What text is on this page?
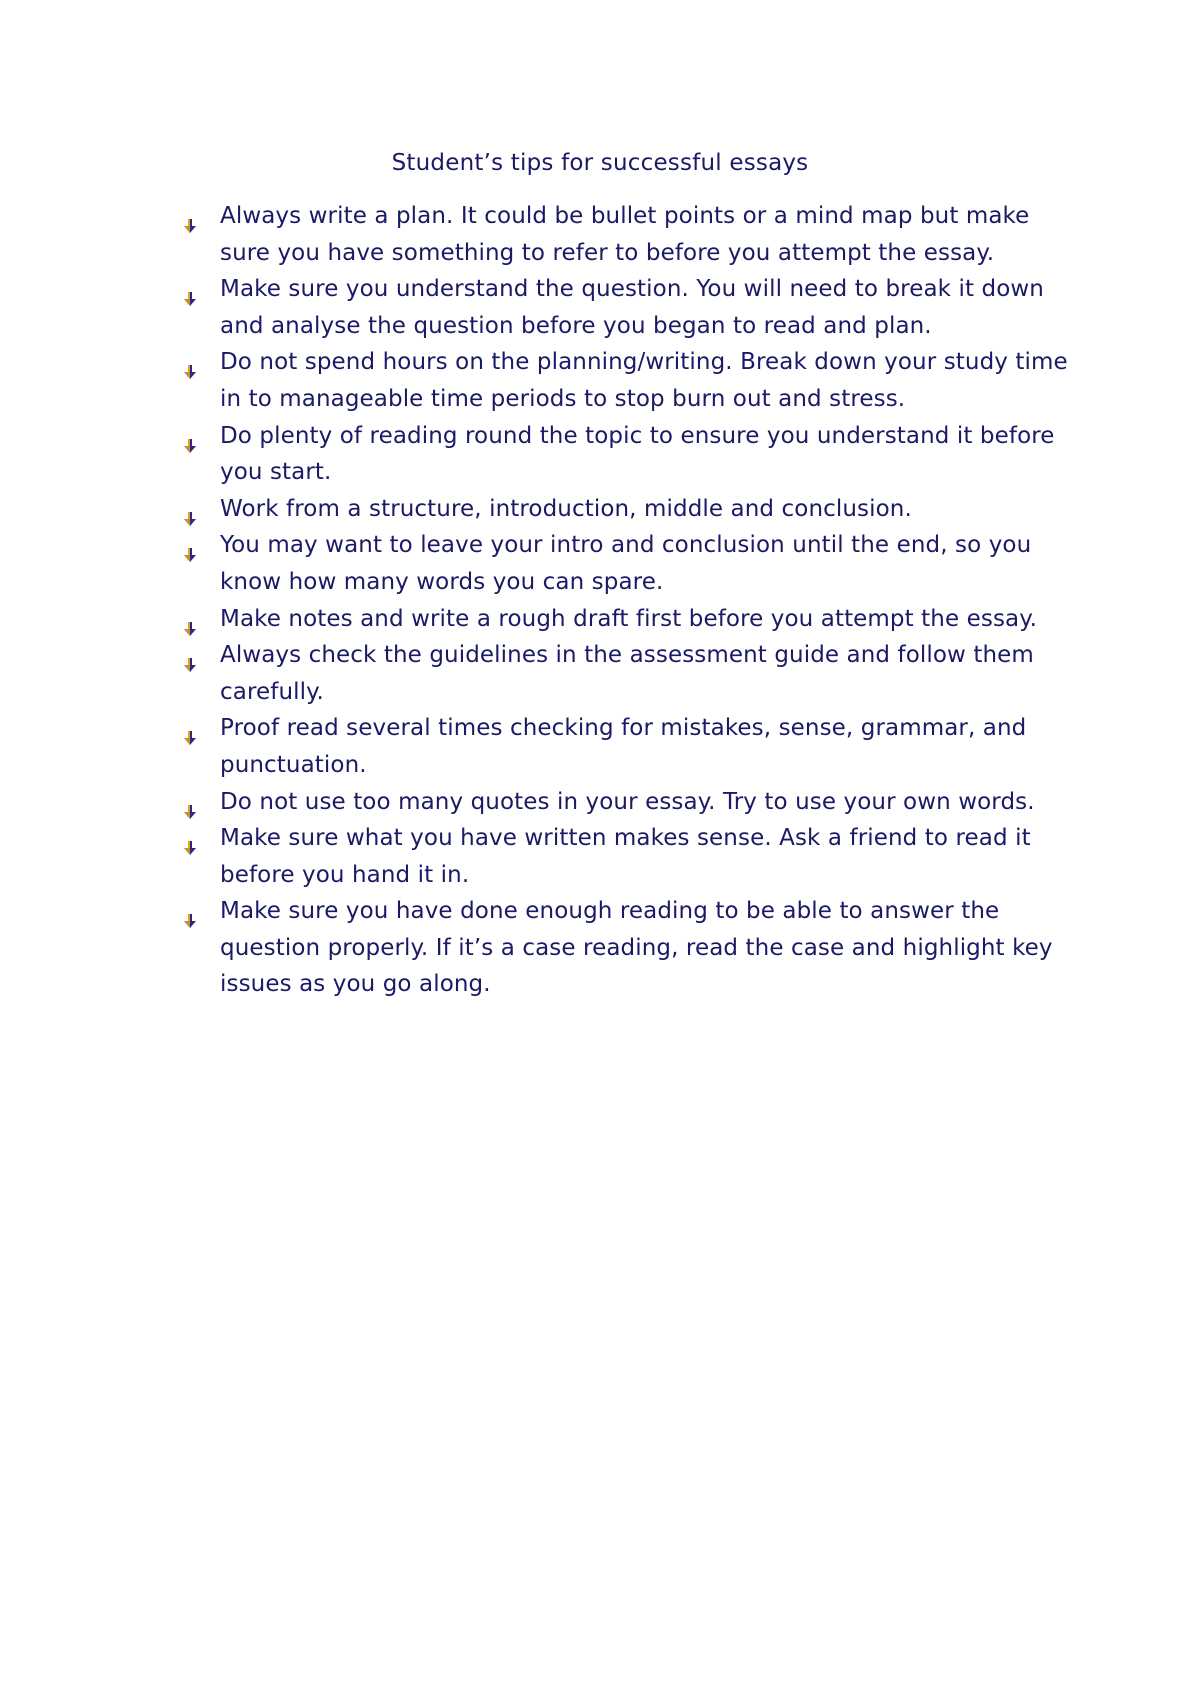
Student’s tips for successful essays
Always write a plan. It could be bullet points or a mind map but make sure you have something to refer to before you attempt the essay.
Make sure you understand the question. You will need to break it down and analyse the question before you began to read and plan.
Do not spend hours on the planning/writing. Break down your study time in to manageable time periods to stop burn out and stress.
Do plenty of reading round the topic to ensure you understand it before you start.
Work from a structure, introduction, middle and conclusion.
You may want to leave your intro and conclusion until the end, so you know how many words you can spare.
Make notes and write a rough draft first before you attempt the essay.
Always check the guidelines in the assessment guide and follow them carefully.
Proof read several times checking for mistakes, sense, grammar, and punctuation.
Do not use too many quotes in your essay. Try to use your own words.
Make sure what you have written makes sense. Ask a friend to read it before you hand it in.
Make sure you have done enough reading to be able to answer the question properly. If it’s a case reading, read the case and highlight key issues as you go along.
